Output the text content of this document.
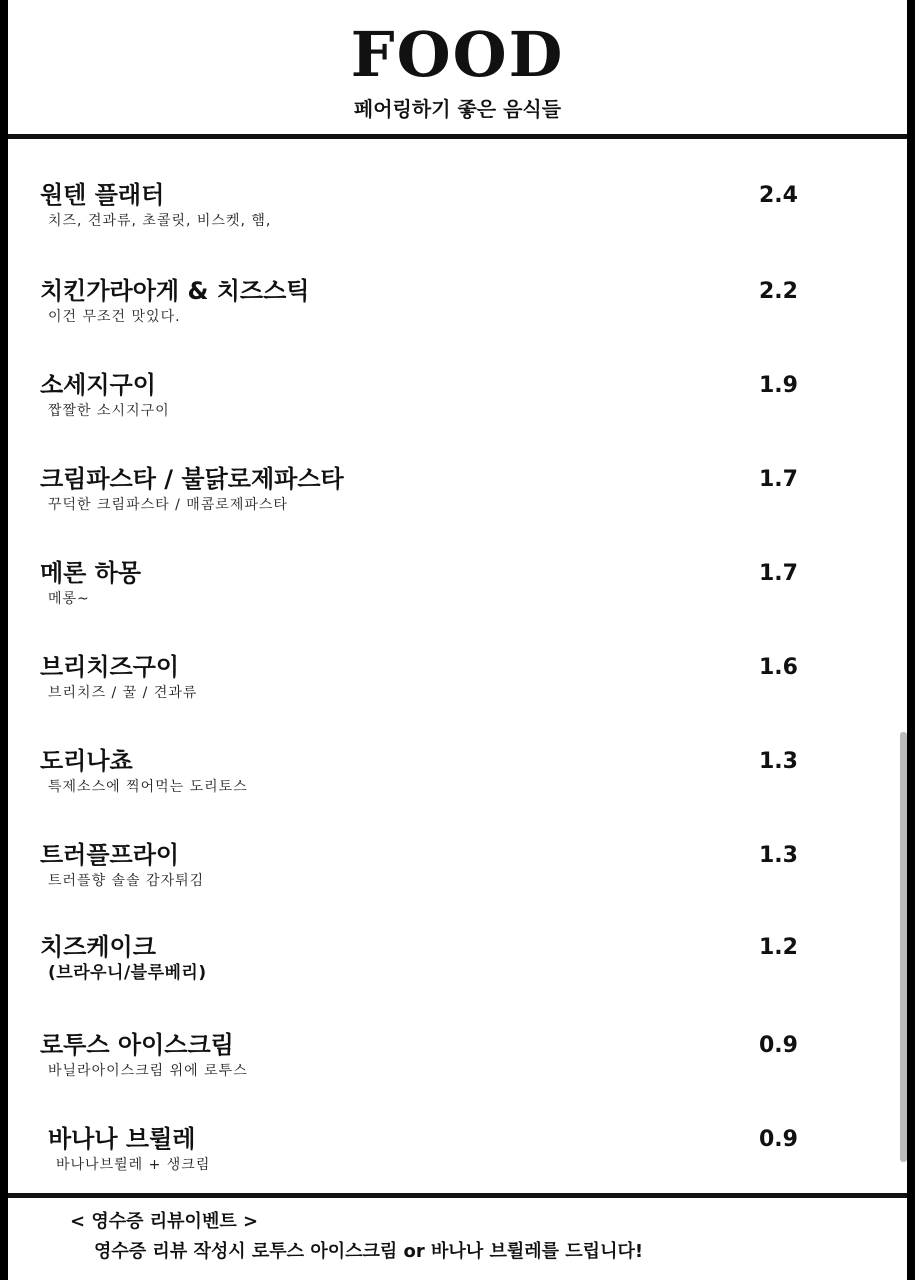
FOOD
페어링하기 좋은 음식들
원텐 플래터
치즈, 견과류, 초콜릿, 비스켓, 햄,
2.4
치킨가라아게 & 치즈스틱
이건 무조건 맛있다.
2.2
소세지구이
짭짤한 소시지구이
1.9
크림파스타 / 불닭로제파스타
꾸덕한 크림파스타 / 매콤로제파스타
1.7
메론 하몽
메롱~
1.7
브리치즈구이
브리치즈 / 꿀 / 견과류
1.6
도리나쵸
특제소스에 찍어먹는 도리토스
1.3
트러플프라이
트러플향 솔솔 감자튀김
1.3
치즈케이크
(브라우니/블루베리)
1.2
로투스 아이스크림
바닐라아이스크림 위에 로투스
0.9
바나나 브륄레
바나나브륄레 + 생크림
0.9
< 영수증 리뷰이벤트 >
영수증 리뷰 작성시 로투스 아이스크림 or 바나나 브륄레를 드립니다!
